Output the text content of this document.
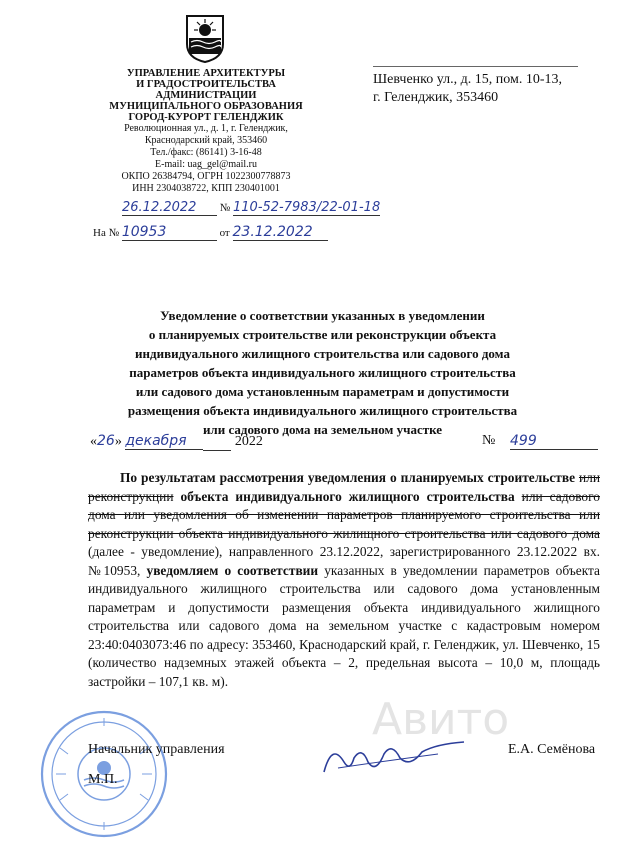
УПРАВЛЕНИЕ АРХИТЕКТУРЫ
И ГРАДОСТРОИТЕЛЬСТВА
АДМИНИСТРАЦИИ
МУНИЦИПАЛЬНОГО ОБРАЗОВАНИЯ
ГОРОД-КУРОРТ ГЕЛЕНДЖИК
Революционная ул., д. 1, г. Геленджик,
Краснодарский край, 353460
Тел./факс: (86141) 3-16-48
E-mail: uag_gel@mail.ru
ОКПО 26384794, ОГРН 1022300778873
ИНН 2304038722, КПП 230401001
Шевченко ул., д. 15, пом. 10-13,
г. Геленджик, 353460
26.12.2022 № 110-52-7983/22-01-18
На № 10953	от 23.12.2022
Уведомление о соответствии указанных в уведомлении
о планируемых строительстве или реконструкции объекта
индивидуального жилищного строительства или садового дома
параметров объекта индивидуального жилищного строительства
или садового дома установленным параметрам и допустимости
размещения объекта индивидуального жилищного строительства
или садового дома на земельном участке
«26» декабря	2022	№ 499

По результатам рассмотрения уведомления о планируемых строительстве или реконструкции объекта индивидуального жилищного строительства или садового дома или уведомления об изменении параметров планируемого строительства или реконструкции объекта индивидуального жилищного строительства или садового дома (далее - уведомление), направленного 23.12.2022, зарегистрированного 23.12.2022 вх.№10953, уведомляем о соответствии указанных в уведомлении параметров объекта индивидуального жилищного строительства или садового дома установленным параметрам и допустимости размещения объекта индивидуального жилищного строительства или садового дома на земельном участке с кадастровым номером 23:40:0403073:46 по адресу: 353460, Краснодарский край, г. Геленджик, ул. Шевченко, 15 (количество надземных этажей объекта – 2, предельная высота – 10,0 м, площадь застройки – 107,1 кв. м).

Авито
Начальник управления	Е.А. Семёнова
М.П.
